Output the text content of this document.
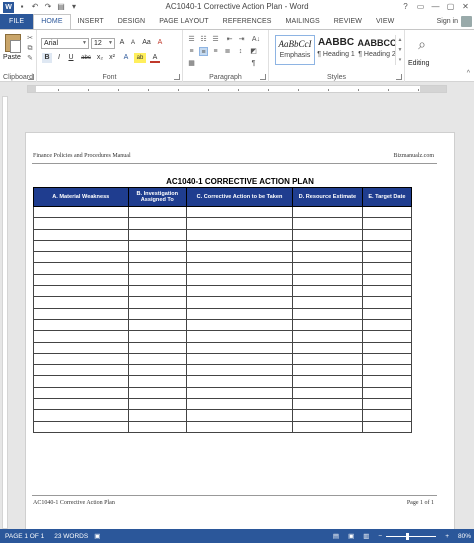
W	▪	↶ ↷ ▤ ▾	AC1040-1 Corrective Action Plan - Word	?	▭ — ▢ ✕
FILE	HOME	INSERT	DESIGN	PAGE LAYOUT	REFERENCES	MAILINGS	REVIEW	VIEW	Sign in
Paste
✂
⧉
✎
Clipboard
Arial	▼	12 ▼ A	A	Aa A
B	I	U	abc x₂ x²	A	ab	A
Font
☰ ☷ ☰ ⇤ ⇥ A↓
≡	≡	≡	≣	↕	◩
▦	¶
Paragraph
AaBbCcI
Emphasis
AABBC
¶ Heading 1
AABBCC
¶ Heading 2
▲
▼
▾
Styles
⌕
Editing
^
Finance Policies and Procedures Manual	Bizmanualz.com
AC1040-1 CORRECTIVE ACTION PLAN
A. Material Weakness	B. Investigation Assigned To	C. Corrective Action to be Taken	D. Resource Estimate	E. Target Date

AC1040-1 Corrective Action Plan	Page 1 of 1
PAGE 1 OF 1 23 WORDS ▣	▤ ▣ ▥ −	+ 80%
